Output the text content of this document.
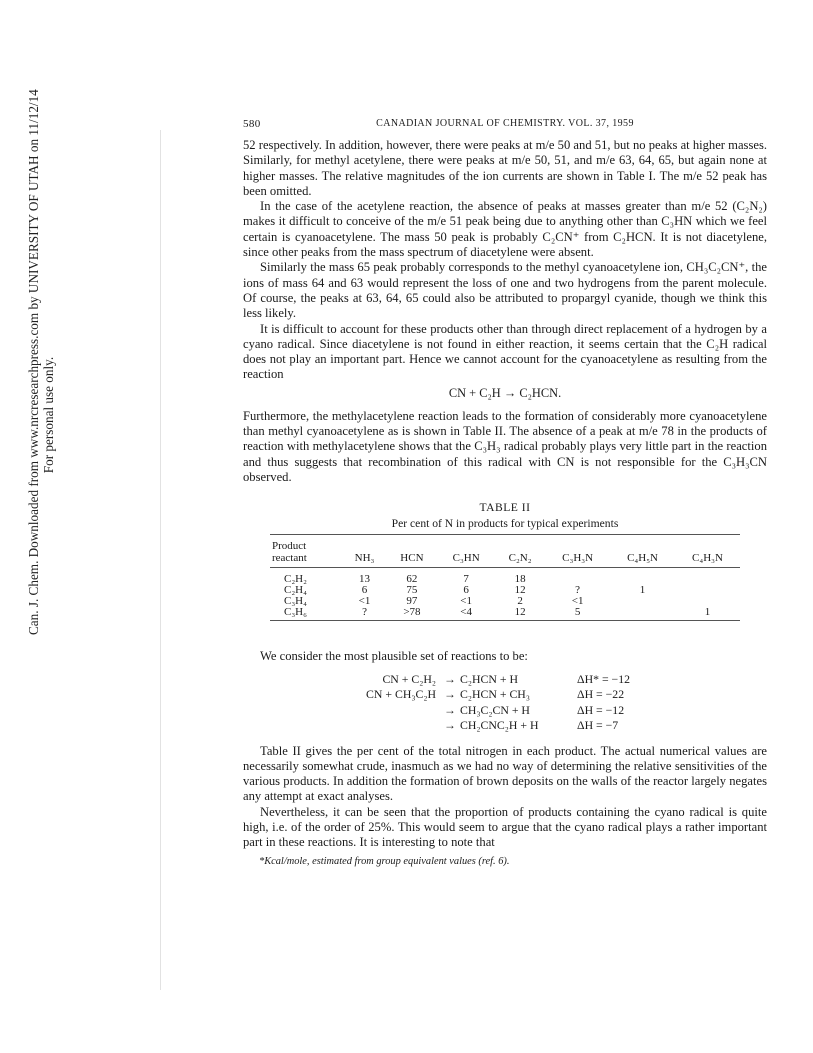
Can. J. Chem. Downloaded from www.nrcresearchpress.com by UNIVERSITY OF UTAH on 11/12/14 For personal use only.
580	CANADIAN JOURNAL OF CHEMISTRY. VOL. 37, 1959

52 respectively. In addition, however, there were peaks at m/e 50 and 51, but no peaks at higher masses. Similarly, for methyl acetylene, there were peaks at m/e 50, 51, and m/e 63, 64, 65, but again none at higher masses. The relative magnitudes of the ion currents are shown in Table I. The m/e 52 peak has been omitted.

In the case of the acetylene reaction, the absence of peaks at masses greater than m/e 52 (C₂N₂) makes it difficult to conceive of the m/e 51 peak being due to anything other than C₃HN which we feel certain is cyanoacetylene. The mass 50 peak is probably C₂CN⁺ from C₂HCN. It is not diacetylene, since other peaks from the mass spectrum of diacetylene were absent.

Similarly the mass 65 peak probably corresponds to the methyl cyanoacetylene ion, CH₃C₂CN⁺, the ions of mass 64 and 63 would represent the loss of one and two hydrogens from the parent molecule. Of course, the peaks at 63, 64, 65 could also be attributed to propargyl cyanide, though we think this less likely.

It is difficult to account for these products other than through direct replacement of a hydrogen by a cyano radical. Since diacetylene is not found in either reaction, it seems certain that the C₂H radical does not play an important part. Hence we cannot account for the cyanoacetylene as resulting from the reaction

CN + C₂H → C₂HCN.

Furthermore, the methylacetylene reaction leads to the formation of considerably more cyanoacetylene than methyl cyanoacetylene as is shown in Table II. The absence of a peak at m/e 78 in the products of reaction with methylacetylene shows that the C₃H₃ radical probably plays very little part in the reaction and thus suggests that recombination of this radical with CN is not responsible for the C₃H₃CN observed.

TABLE II
Per cent of N in products for typical experiments

Product
reactant	NH₃	HCN	C₃HN	C₂N₂	C₃H₃N	C₄H₅N	C₄H₃N
C₂H₂	13	62	7	18			
C₂H₄	6	75	6	12	?	1	
C₃H₄	<1	97	<1	2	<1		
C₃H₆	?	>78	<4	12	5		1

We consider the most plausible set of reactions to be:

CN + C₂H₂ → C₂HCN + H	ΔH* = −12
CN + CH₃C₂H → C₂HCN + CH₃	ΔH = −22
→ CH₃C₂CN + H	ΔH = −12
→ CH₂CNC₂H + H	ΔH = −7

Table II gives the per cent of the total nitrogen in each product. The actual numerical values are necessarily somewhat crude, inasmuch as we had no way of determining the relative sensitivities of the various products. In addition the formation of brown deposits on the walls of the reactor largely negates any attempt at exact analyses.

Nevertheless, it can be seen that the proportion of products containing the cyano radical is quite high, i.e. of the order of 25%. This would seem to argue that the cyano radical plays a rather important part in these reactions. It is interesting to note that

*Kcal/mole, estimated from group equivalent values (ref. 6).
